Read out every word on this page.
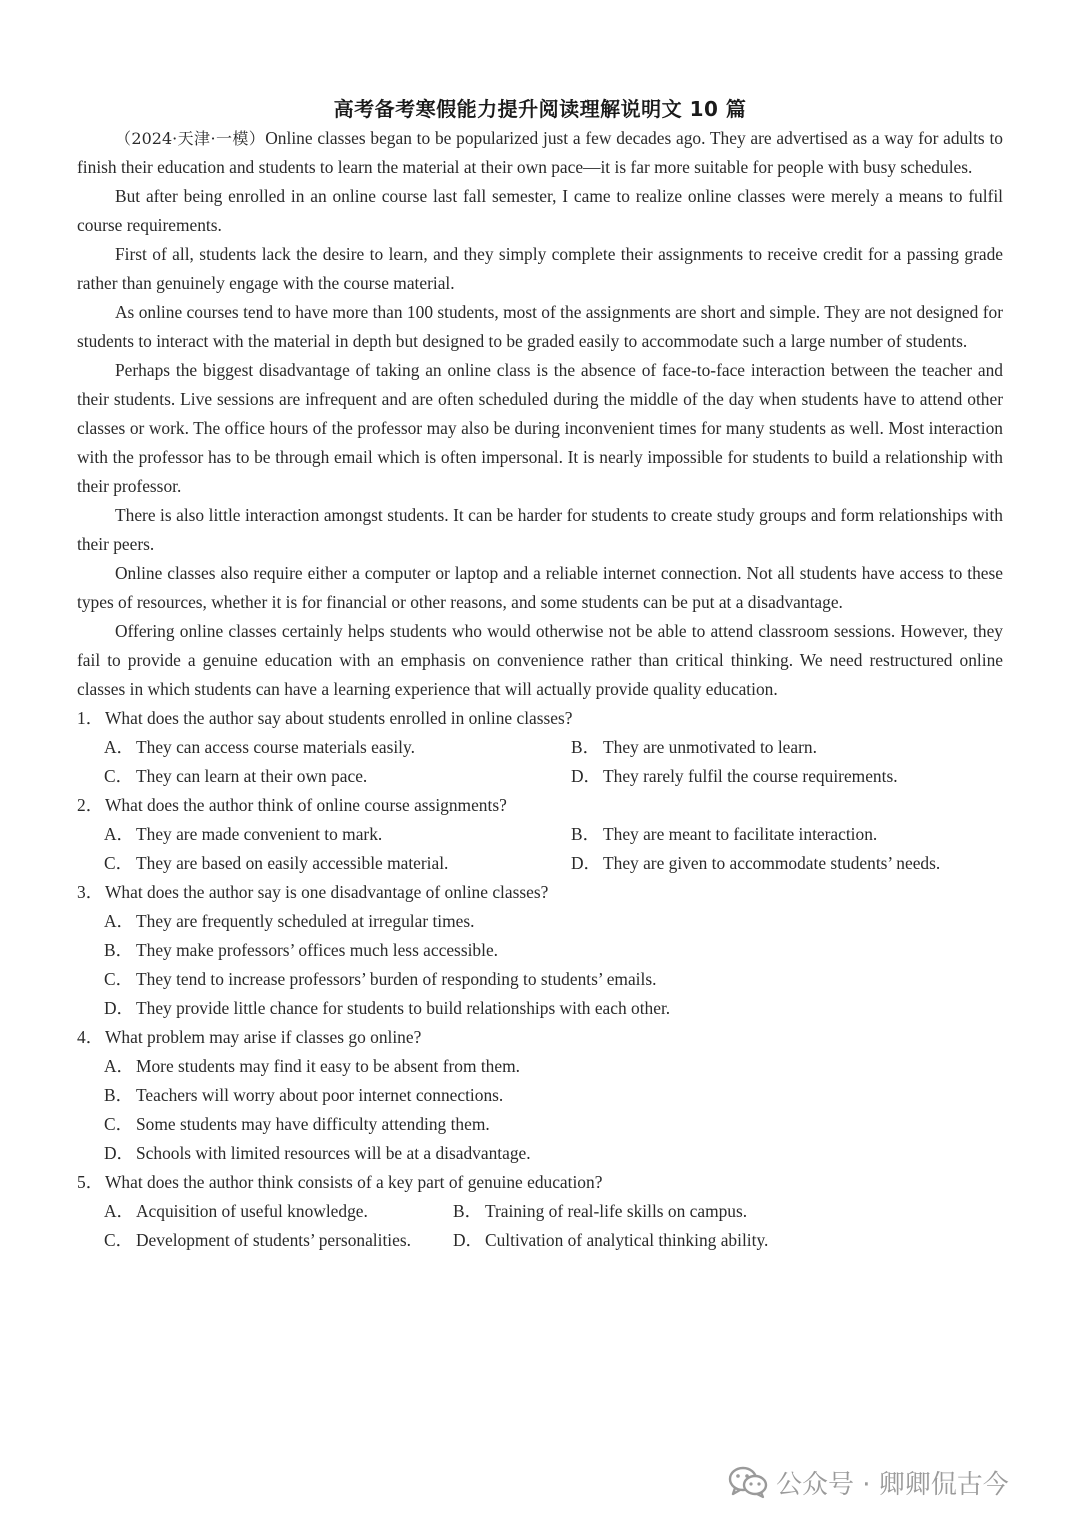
高考备考寒假能力提升阅读理解说明文 10 篇

（2024·天津·一模）Online classes began to be popularized just a few decades ago. They are advertised as a way for adults to finish their education and students to learn the material at their own pace—it is far more suitable for people with busy schedules.

But after being enrolled in an online course last fall semester, I came to realize online classes were merely a means to fulfil course requirements.

First of all, students lack the desire to learn, and they simply complete their assignments to receive credit for a passing grade rather than genuinely engage with the course material.

As online courses tend to have more than 100 students, most of the assignments are short and simple. They are not designed for students to interact with the material in depth but designed to be graded easily to accommodate such a large number of students.

Perhaps the biggest disadvantage of taking an online class is the absence of face-to-face interaction between the teacher and their students. Live sessions are infrequent and are often scheduled during the middle of the day when students have to attend other classes or work. The office hours of the professor may also be during inconvenient times for many students as well. Most interaction with the professor has to be through email which is often impersonal. It is nearly impossible for students to build a relationship with their professor.

There is also little interaction amongst students. It can be harder for students to create study groups and form relationships with their peers.

Online classes also require either a computer or laptop and a reliable internet connection. Not all students have access to these types of resources, whether it is for financial or other reasons, and some students can be put at a disadvantage.

Offering online classes certainly helps students who would otherwise not be able to attend classroom sessions. However, they fail to provide a genuine education with an emphasis on convenience rather than critical thinking. We need restructured online classes in which students can have a learning experience that will actually provide quality education.

1． What does the author say about students enrolled in online classes?
A． They can access course materials easily.	B． They are unmotivated to learn.
C． They can learn at their own pace.	D． They rarely fulfil the course requirements.
2． What does the author think of online course assignments?
A． They are made convenient to mark.	B． They are meant to facilitate interaction.
C． They are based on easily accessible material.	D． They are given to accommodate students’ needs.
3． What does the author say is one disadvantage of online classes?
A． They are frequently scheduled at irregular times.
B． They make professors’ offices much less accessible.
C． They tend to increase professors’ burden of responding to students’ emails.
D． They provide little chance for students to build relationships with each other.
4． What problem may arise if classes go online?
A． More students may find it easy to be absent from them.
B． Teachers will worry about poor internet connections.
C． Some students may have difficulty attending them.
D． Schools with limited resources will be at a disadvantage.
5． What does the author think consists of a key part of genuine education?
A． Acquisition of useful knowledge.	B． Training of real-life skills on campus.
C． Development of students’ personalities. D． Cultivation of analytical thinking ability.
公众号 · 卿卿侃古今
